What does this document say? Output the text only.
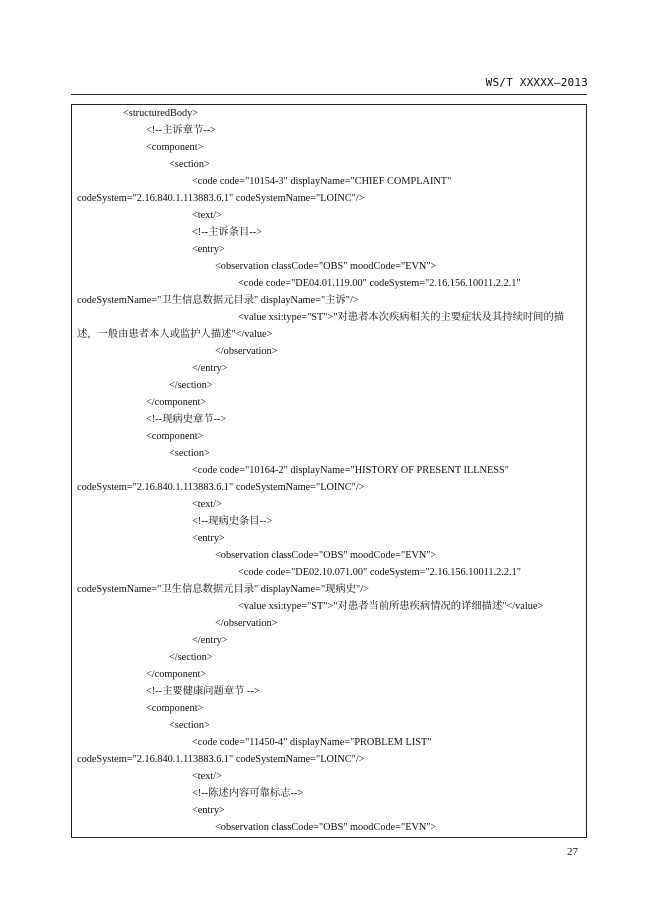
WS/T XXXXX—2013
<structuredBody>
<!--主诉章节-->
<component>
<section>
<code code="10154-3" displayName="CHIEF COMPLAINT"
codeSystem="2.16.840.1.113883.6.1" codeSystemName="LOINC"/>
<text/>
<!--主诉条目-->
<entry>
<observation classCode="OBS" moodCode="EVN">
<code code="DE04.01.119.00" codeSystem="2.16.156.10011.2.2.1"
codeSystemName="卫生信息数据元目录" displayName="主诉"/>
<value xsi:type="ST">"对患者本次疾病相关的主要症状及其持续时间的描
述，一般由患者本人或监护人描述"</value>
</observation>
</entry>
</section>
</component>
<!--现病史章节-->
<component>
<section>
<code code="10164-2" displayName="HISTORY OF PRESENT ILLNESS"
codeSystem="2.16.840.1.113883.6.1" codeSystemName="LOINC"/>
<text/>
<!--现病史条目-->
<entry>
<observation classCode="OBS" moodCode="EVN">
<code code="DE02.10.071.00" codeSystem="2.16.156.10011.2.2.1"
codeSystemName="卫生信息数据元目录" displayName="现病史"/>
<value xsi:type="ST">"对患者当前所患疾病情况的详细描述"</value>
</observation>
</entry>
</section>
</component>
<!--主要健康问题章节 -->
<component>
<section>
<code code="11450-4" displayName="PROBLEM LIST"
codeSystem="2.16.840.1.113883.6.1" codeSystemName="LOINC"/>
<text/>
<!--陈述内容可靠标志-->
<entry>
<observation classCode="OBS" moodCode="EVN">
27
